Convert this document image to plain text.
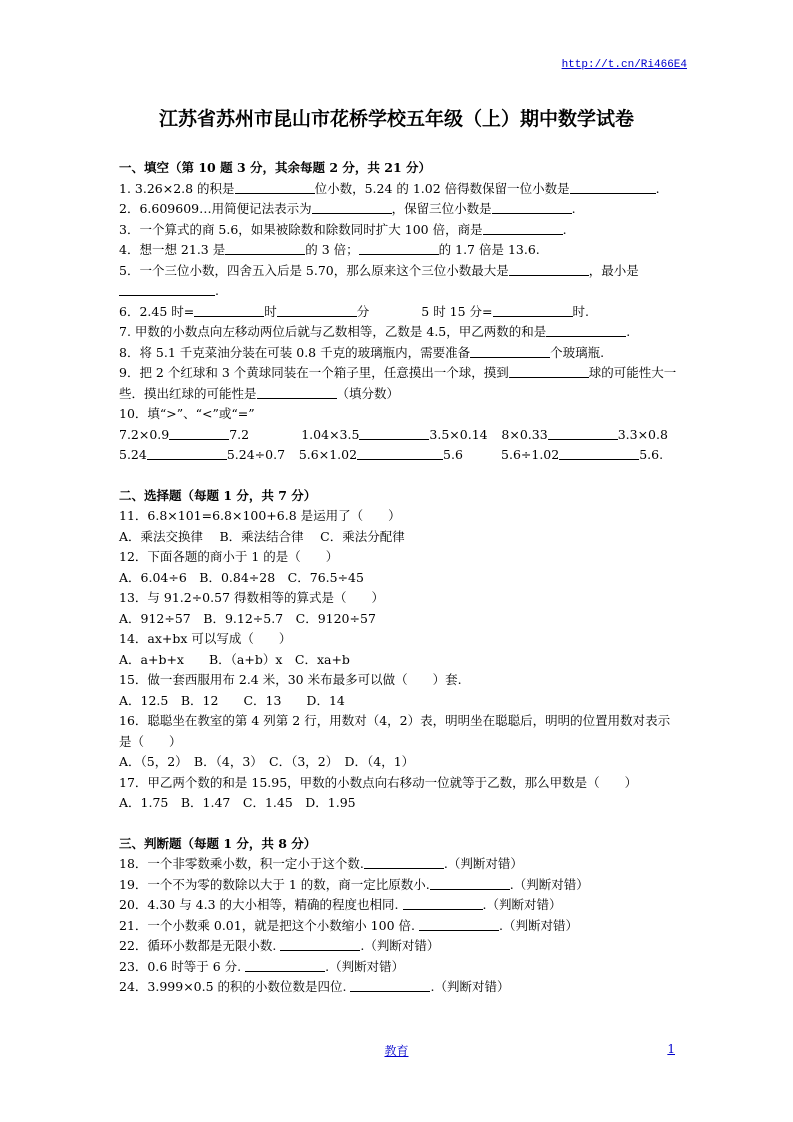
http://t.cn/Ri466E4
江苏省苏州市昆山市花桥学校五年级（上）期中数学试卷
一、填空（第 10 题 3 分，其余每题 2 分，共 21 分）
1. 3.26×2.8 的积是	位小数，5.24 的 1.02 倍得数保留一位小数是	.
2．6.609609…用简便记法表示为	，保留三位小数是	.
3．一个算式的商 5.6，如果被除数和除数同时扩大 100 倍，商是	.
4．想一想 21.3 是	的 3 倍；	的 1.7 倍是 13.6.
5．一个三位小数，四舍五入后是 5.70，那么原来这个三位小数最大是	，最小是.
6．2.45 时=	时	分	5 时 15 分=	时.
7. 甲数的小数点向左移动两位后就与乙数相等，乙数是 4.5，甲乙两数的和是	.
8．将 5.1 千克菜油分装在可装 0.8 千克的玻璃瓶内，需要准备	个玻璃瓶.
9．把 2 个红球和 3 个黄球同装在一个箱子里，任意摸出一个球，摸到	球的可能性大一些．摸出红球的可能性是	（填分数）
10．填“>”、“<”或“=”
7.2×0.9	7.2	1.04×3.5	3.5×0.14 8×0.33	3.3×0.8
5.24	5.24÷0.7 5.6×1.02	5.6	5.6÷1.02	5.6.
二、选择题（每题 1 分，共 7 分）
11．6.8×101=6.8×100+6.8 是运用了（　　）
A．乘法交换律　 B．乘法结合律　 C．乘法分配律
12．下面各题的商小于 1 的是（　　）
A．6.04÷6　B．0.84÷28　C．76.5÷45
13．与 91.2÷0.57 得数相等的算式是（　　）
A．912÷57　B．9.12÷5.7　C．9120÷57
14．ax+bx 可以写成（　　）
A．a+b+x　　B．（a+b）x　C．xa+b
15．做一套西服用布 2.4 米，30 米布最多可以做（　　）套.
A．12.5　B．12　　C．13　　D．14
16．聪聪坐在教室的第 4 列第 2 行，用数对（4，2）表，明明坐在聪聪后，明明的位置用数对表示是（　　）
A．（5，2）　B．（4，3）　C．（3，2）　D．（4，1）
17．甲乙两个数的和是 15.95，甲数的小数点向右移动一位就等于乙数，那么甲数是（　　）
A．1.75　B．1.47　C．1.45　D．1.95
三、判断题（每题 1 分，共 8 分）
18．一个非零数乘小数，积一定小于这个数.	.（判断对错）
19．一个不为零的数除以大于 1 的数，商一定比原数小.	.（判断对错）
20．4.30 与 4.3 的大小相等，精确的程度也相同.	.（判断对错）
21．一个小数乘 0.01，就是把这个小数缩小 100 倍.	.（判断对错）
22．循环小数都是无限小数.	.（判断对错）
23．0.6 时等于 6 分.	.（判断对错）
24．3.999×0.5 的积的小数位数是四位.	.（判断对错）
教育	1
